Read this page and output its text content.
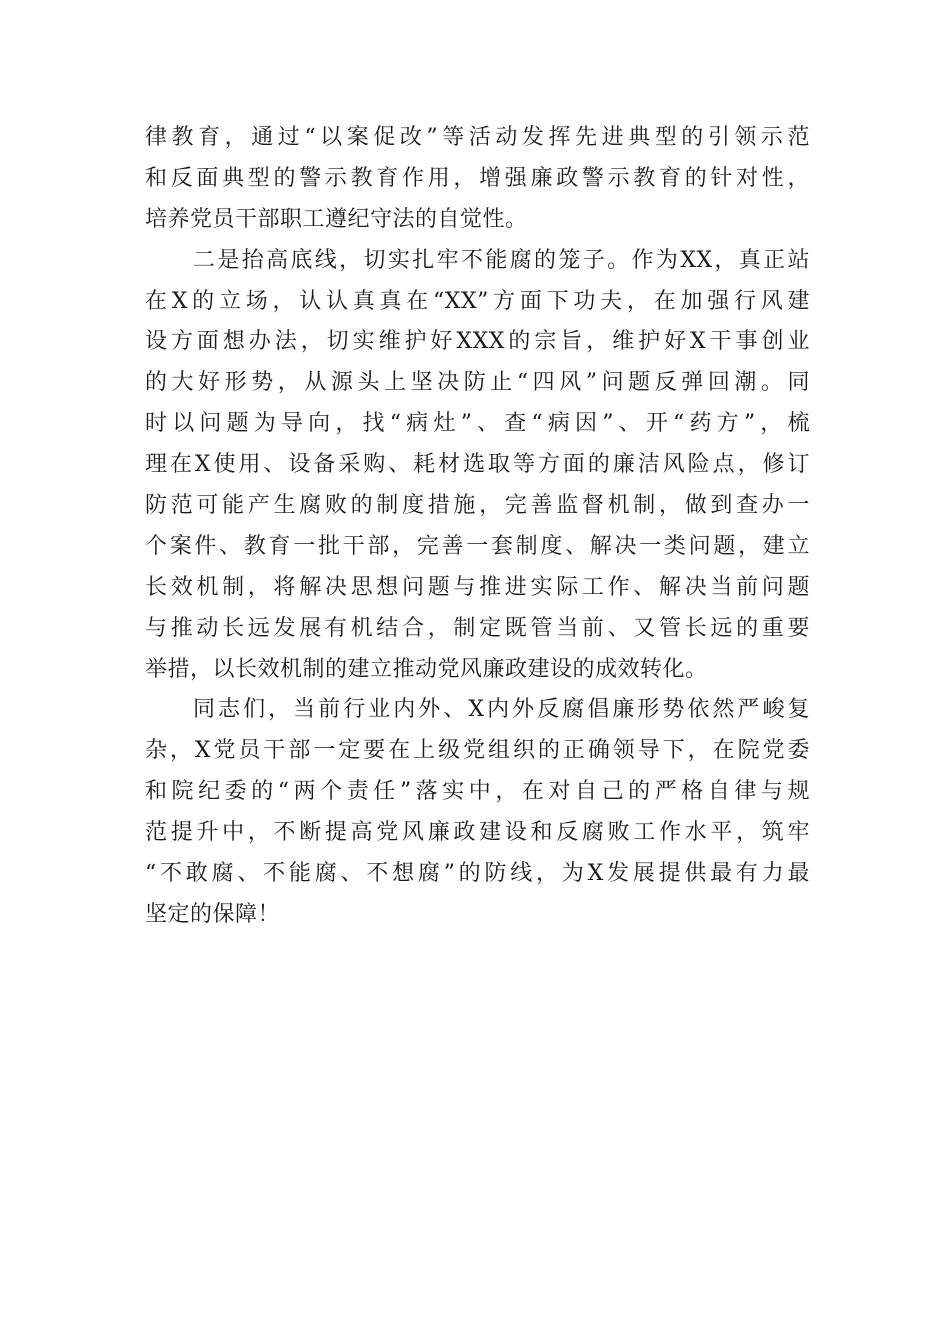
律教育，通过“以案促改”等活动发挥先进典型的引领示范
和反面典型的警示教育作用，增强廉政警示教育的针对性，
培养党员干部职工遵纪守法的自觉性。
二是抬高底线，切实扎牢不能腐的笼子。作为XX，真正站
在X的立场，认认真真在“XX”方面下功夫，在加强行风建
设方面想办法，切实维护好XXX的宗旨，维护好X干事创业
的大好形势，从源头上坚决防止“四风”问题反弹回潮。同
时以问题为导向，找“病灶”、查“病因”、开“药方”，梳
理在X使用、设备采购、耗材选取等方面的廉洁风险点，修订
防范可能产生腐败的制度措施，完善监督机制，做到查办一
个案件、教育一批干部，完善一套制度、解决一类问题，建立
长效机制，将解决思想问题与推进实际工作、解决当前问题
与推动长远发展有机结合，制定既管当前、又管长远的重要
举措，以长效机制的建立推动党风廉政建设的成效转化。
同志们，当前行业内外、X内外反腐倡廉形势依然严峻复
杂，X党员干部一定要在上级党组织的正确领导下，在院党委
和院纪委的“两个责任”落实中，在对自己的严格自律与规
范提升中，不断提高党风廉政建设和反腐败工作水平，筑牢
“不敢腐、不能腐、不想腐”的防线，为X发展提供最有力最
坚定的保障！
